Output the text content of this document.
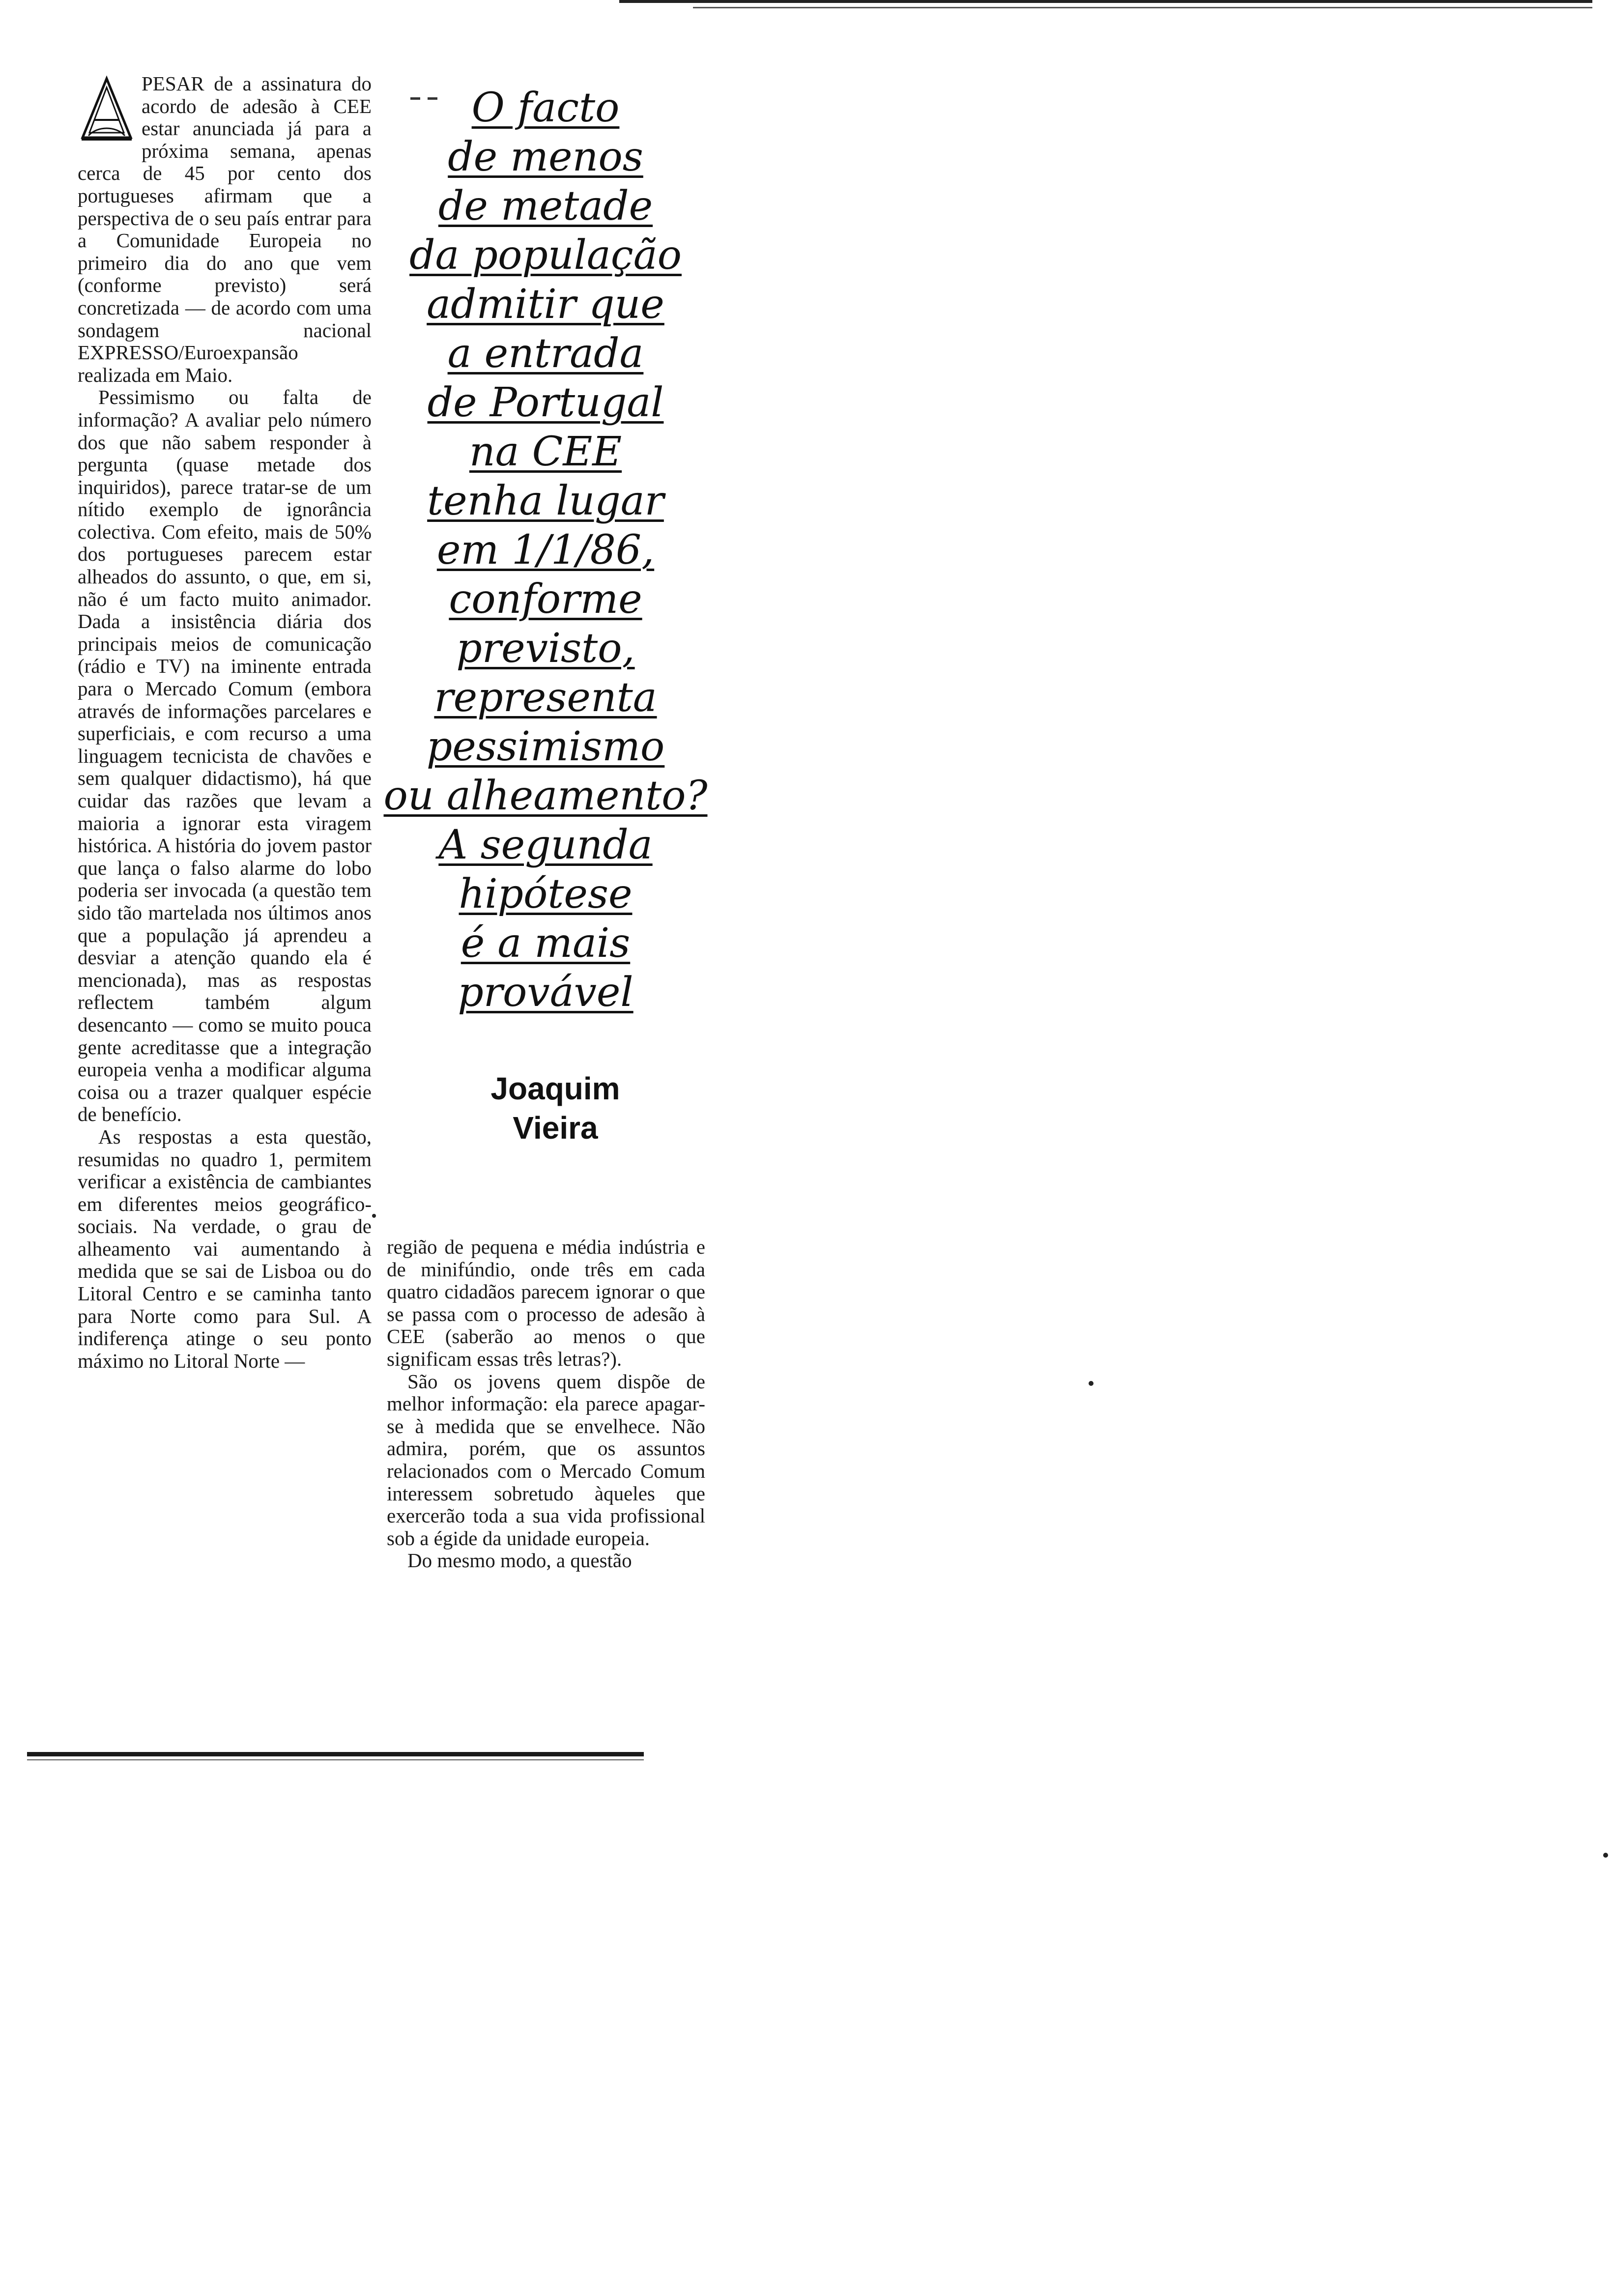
PESAR de a assinatura do acordo de adesão à CEE estar anunciada já para a próxima semana, apenas cerca de 45 por cento dos portugueses afirmam que a perspectiva de o seu país entrar para a Comunidade Europeia no primeiro dia do ano que vem (conforme previsto) será concretizada — de acordo com uma sondagem nacional EXPRESSO/Euroexpansão realizada em Maio.

Pessimismo ou falta de informação? A avaliar pelo número dos que não sabem responder à pergunta (quase metade dos inquiridos), parece tratar-se de um nítido exemplo de ignorância colectiva. Com efeito, mais de 50% dos portugueses parecem estar alheados do assunto, o que, em si, não é um facto muito animador. Dada a insistência diária dos principais meios de comunicação (rádio e TV) na iminente entrada para o Mercado Comum (embora através de informações parcelares e superficiais, e com recurso a uma linguagem tecnicista de chavões e sem qualquer didactismo), há que cuidar das razões que levam a maioria a ignorar esta viragem histórica. A história do jovem pastor que lança o falso alarme do lobo poderia ser invocada (a questão tem sido tão martelada nos últimos anos que a população já aprendeu a desviar a atenção quando ela é mencionada), mas as respostas reflectem também algum desencanto — como se muito pouca gente acreditasse que a integração europeia venha a modificar alguma coisa ou a trazer qualquer espécie de benefício.

As respostas a esta questão, resumidas no quadro 1, permitem verificar a existência de cambiantes em diferentes meios geográfico-sociais. Na verdade, o grau de alheamento vai aumentando à medida que se sai de Lisboa ou do Litoral Centro e se caminha tanto para Norte como para Sul. A indiferença atinge o seu ponto máximo no Litoral Norte —

O facto
de menos
de metade
da população
admitir que
a entrada
de Portugal
na CEE
tenha lugar
em 1/1/86,
conforme
previsto,
representa
pessimismo
ou alheamento?
A segunda
hipótese
é a mais
provável
Joaquim
Vieira

região de pequena e média indústria e de minifúndio, onde três em cada quatro cidadãos parecem ignorar o que se passa com o processo de adesão à CEE (saberão ao menos o que significam essas três letras?).

São os jovens quem dispõe de melhor informação: ela parece apagar-se à medida que se envelhece. Não admira, porém, que os assuntos relacionados com o Mercado Comum interessem sobretudo àqueles que exercerão toda a sua vida profissional sob a égide da unidade europeia.

Do mesmo modo, a questão
